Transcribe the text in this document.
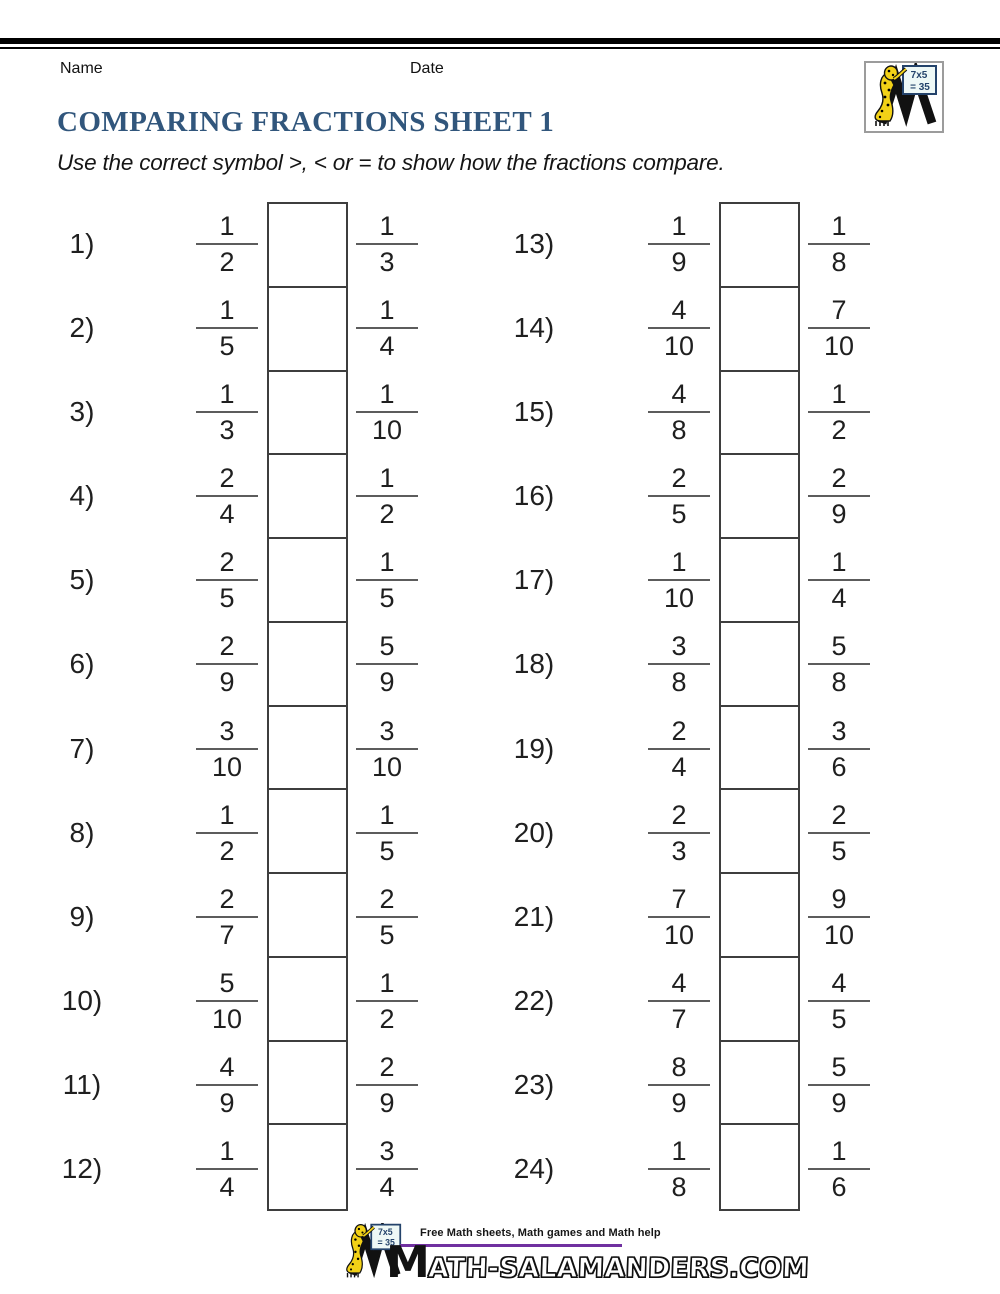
Name	Date
COMPARING FRACTIONS SHEET 1
Use the correct symbol >, < or = to show how the fractions compare.
1)
1
2
1
3
2)
1
5
1
4
3)
1
3
1
10
4)
2
4
1
2
5)
2
5
1
5
6)
2
9
5
9
7)
3
10
3
10
8)
1
2
1
5
9)
2
7
2
5
10)
5
10
1
2
11)
4
9
2
9
12)
1
4
3
4
13)
1
9
1
8
14)
4
10
7
10
15)
4
8
1
2
16)
2
5
2
9
17)
1
10
1
4
18)
3
8
5
8
19)
2
4
3
6
20)
2
3
2
5
21)
7
10
9
10
22)
4
7
4
5
23)
8
9
5
9
24)
1
8
1
6
Free Math sheets, Math games and Math help
MATH-SALAMANDERS.COM
